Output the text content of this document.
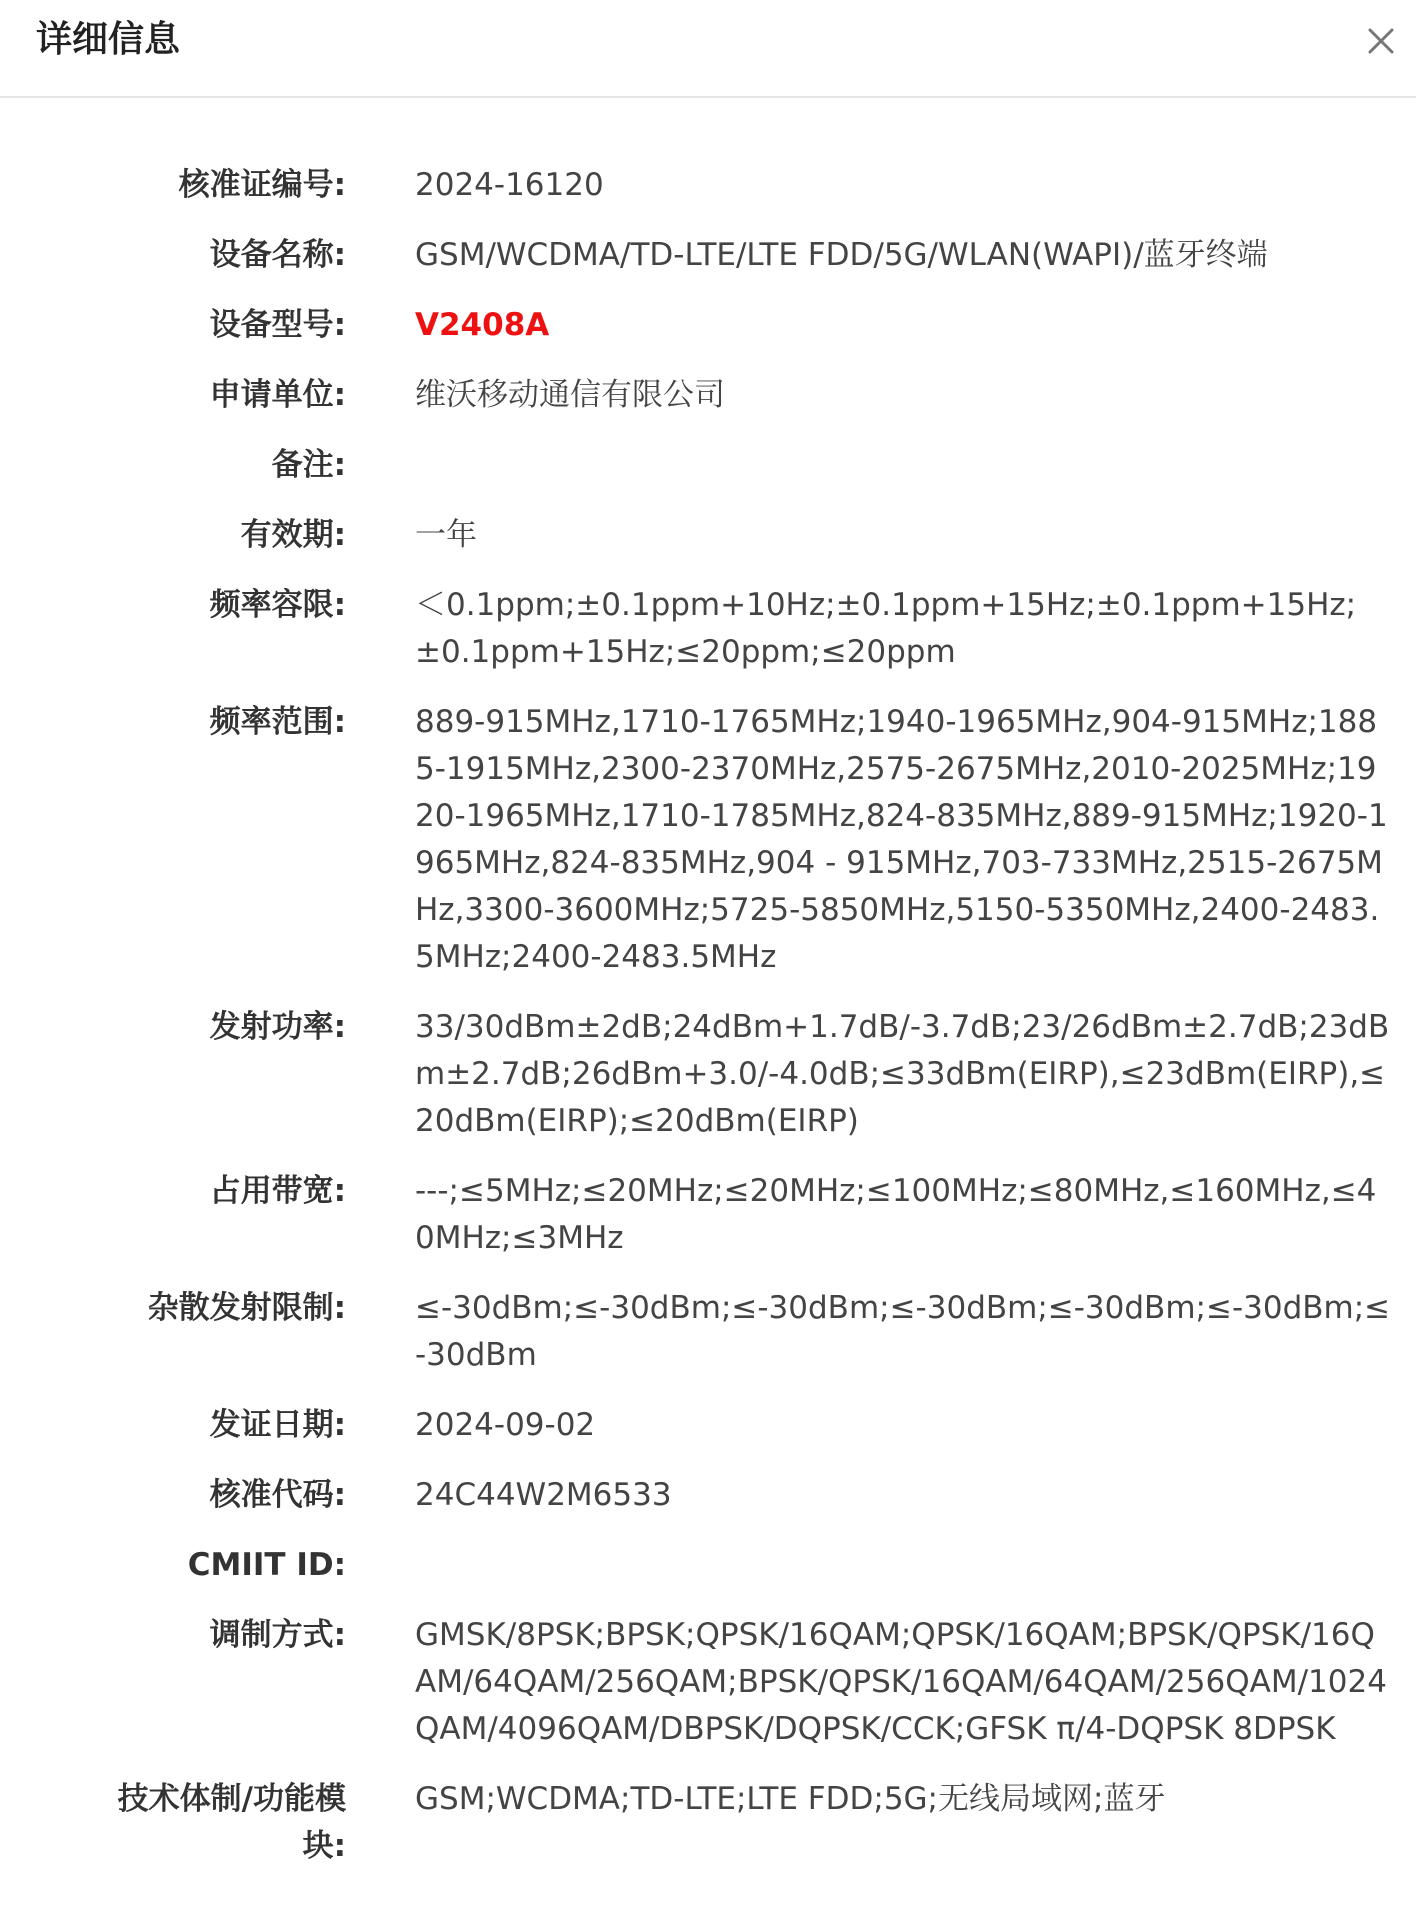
详细信息
核准证编号: 2024-16120
设备名称: GSM/WCDMA/TD-LTE/LTE FDD/5G/WLAN(WAPI)/蓝牙终端
设备型号: V2408A
申请单位: 维沃移动通信有限公司
备注:
有效期: 一年
频率容限: ＜0.1ppm;±0.1ppm+10Hz;±0.1ppm+15Hz;±0.1ppm+15Hz;±0.1ppm+15Hz;≤20ppm;≤20ppm
频率范围: 889-915MHz,1710-1765MHz;1940-1965MHz,904-915MHz;1885-1915MHz,2300-2370MHz,2575-2675MHz,2010-2025MHz;1920-1965MHz,1710-1785MHz,824-835MHz,889-915MHz;1920-1965MHz,824-835MHz,904 - 915MHz,703-733MHz,2515-2675MHz,3300-3600MHz;5725-5850MHz,5150-5350MHz,2400-2483.5MHz;2400-2483.5MHz
发射功率: 33/30dBm±2dB;24dBm+1.7dB/-3.7dB;23/26dBm±2.7dB;23dBm±2.7dB;26dBm+3.0/-4.0dB;≤33dBm(EIRP),≤23dBm(EIRP),≤20dBm(EIRP);≤20dBm(EIRP)
占用带宽: ---;≤5MHz;≤20MHz;≤20MHz;≤100MHz;≤80MHz,≤160MHz,≤40MHz;≤3MHz
杂散发射限制: ≤-30dBm;≤-30dBm;≤-30dBm;≤-30dBm;≤-30dBm;≤-30dBm;≤-30dBm
发证日期: 2024-09-02
核准代码: 24C44W2M6533
CMIIT ID:
调制方式: GMSK/8PSK;BPSK;QPSK/16QAM;QPSK/16QAM;BPSK/QPSK/16QAM/64QAM/256QAM;BPSK/QPSK/16QAM/64QAM/256QAM/1024QAM/4096QAM/DBPSK/DQPSK/CCK;GFSK π/4-DQPSK 8DPSK
技术体制/功能模块:
GSM;WCDMA;TD-LTE;LTE FDD;5G;无线局域网;蓝牙
